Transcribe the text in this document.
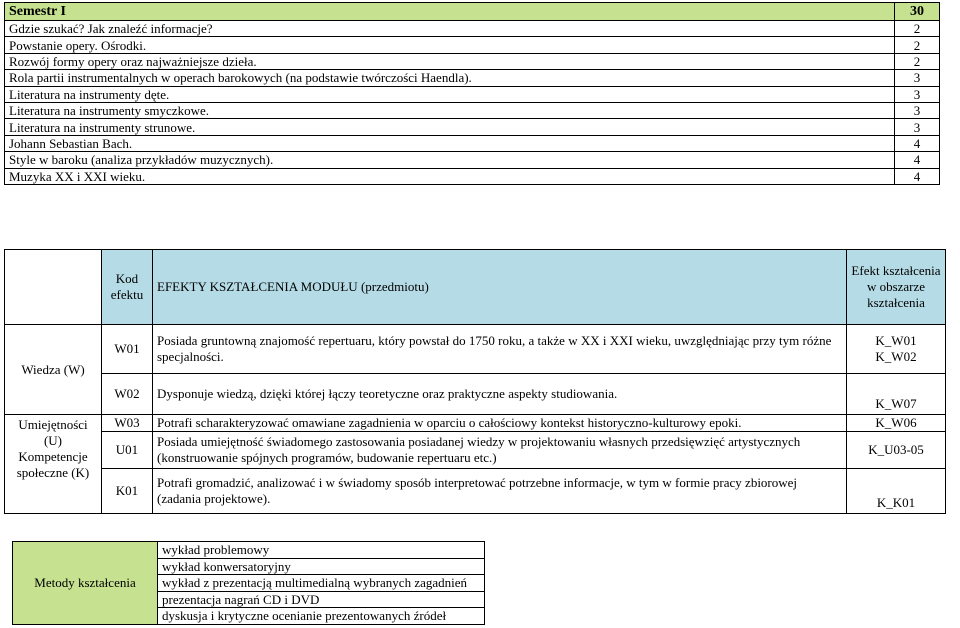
Semestr I	30
Gdzie szukać? Jak znaleźć informacje?	2
Powstanie opery. Ośrodki.	2
Rozwój formy opery oraz najważniejsze dzieła.	2
Rola partii instrumentalnych w operach barokowych (na podstawie twórczości Haendla).	3
Literatura na instrumenty dęte.	3
Literatura na instrumenty smyczkowe.	3
Literatura na instrumenty strunowe.	3
Johann Sebastian Bach.	4
Style w baroku (analiza przykładów muzycznych).	4
Muzyka XX i XXI wieku.	4
	Kod efektu	EFEKTY KSZTAŁCENIA MODUŁU (przedmiotu)	Efekt kształcenia w obszarze kształcenia
Wiedza (W)	W01	Posiada gruntowną znajomość repertuaru, który powstał do 1750 roku, a także w XX i XXI wieku, uwzględniając przy tym różne specjalności.	K_W01
K_W02

	W02	Dysponuje wiedzą, dzięki której łączy teoretyczne oraz praktyczne aspekty studiowania.	K_W07

Umiejętności (U)
Kompetencje społeczne (K)	W03	Potrafi scharakteryzować omawiane zagadnienia w oparciu o całościowy kontekst historyczno-kulturowy epoki.	K_W06
	U01	Posiada umiejętność świadomego zastosowania posiadanej wiedzy w projektowaniu własnych przedsięwzięć artystycznych (konstruowanie spójnych programów, budowanie repertuaru etc.)	K_U03-05
	K01	Potrafi gromadzić, analizować i w świadomy sposób interpretować potrzebne informacje, w tym w formie pracy zbiorowej (zadania projektowe).	K_K01
Metody kształcenia	wykład problemowy
wykład konwersatoryjny
wykład z prezentacją multimedialną wybranych zagadnień
prezentacja nagrań CD i DVD
dyskusja i krytyczne ocenianie prezentowanych źródeł
